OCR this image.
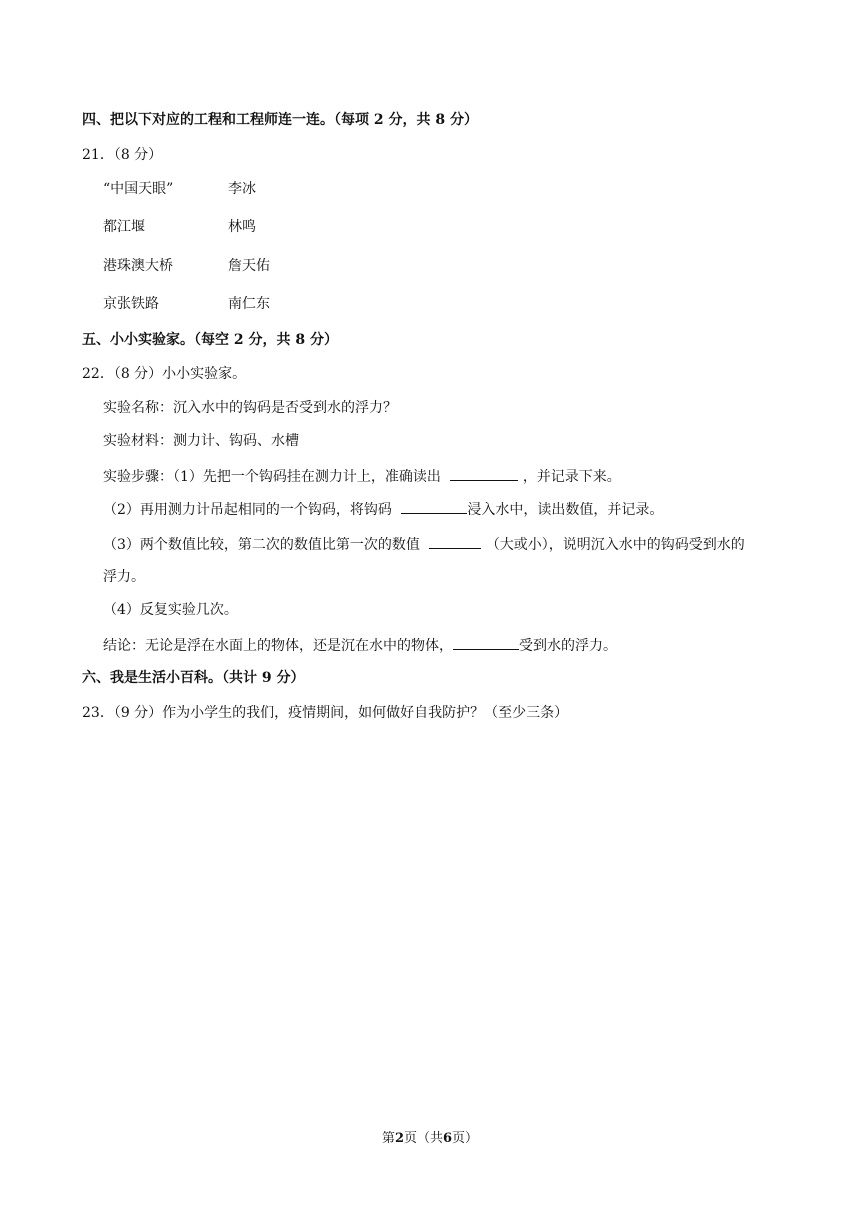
四、把以下对应的工程和工程师连一连。（每项 2 分，共 8 分）
21．（8 分）
“中国天眼”	李冰
都江堰	林鸣
港珠澳大桥	詹天佑
京张铁路	南仁东
五、小小实验家。（每空 2 分，共 8 分）
22．（8 分）小小实验家。
实验名称：沉入水中的钩码是否受到水的浮力？
实验材料：测力计、钩码、水槽
实验步骤：（1）先把一个钩码挂在测力计上，准确读出	，并记录下来。
（2）再用测力计吊起相同的一个钩码，将钩码	浸入水中，读出数值，并记录。
（3）两个数值比较，第二次的数值比第一次的数值	（大或小），说明沉入水中的钩码受到水的
浮力。
（4）反复实验几次。
结论：无论是浮在水面上的物体，还是沉在水中的物体，	受到水的浮力。
六、我是生活小百科。（共计 9 分）
23．（9 分）作为小学生的我们，疫情期间，如何做好自我防护？（至少三条）
第2页（共6页）
